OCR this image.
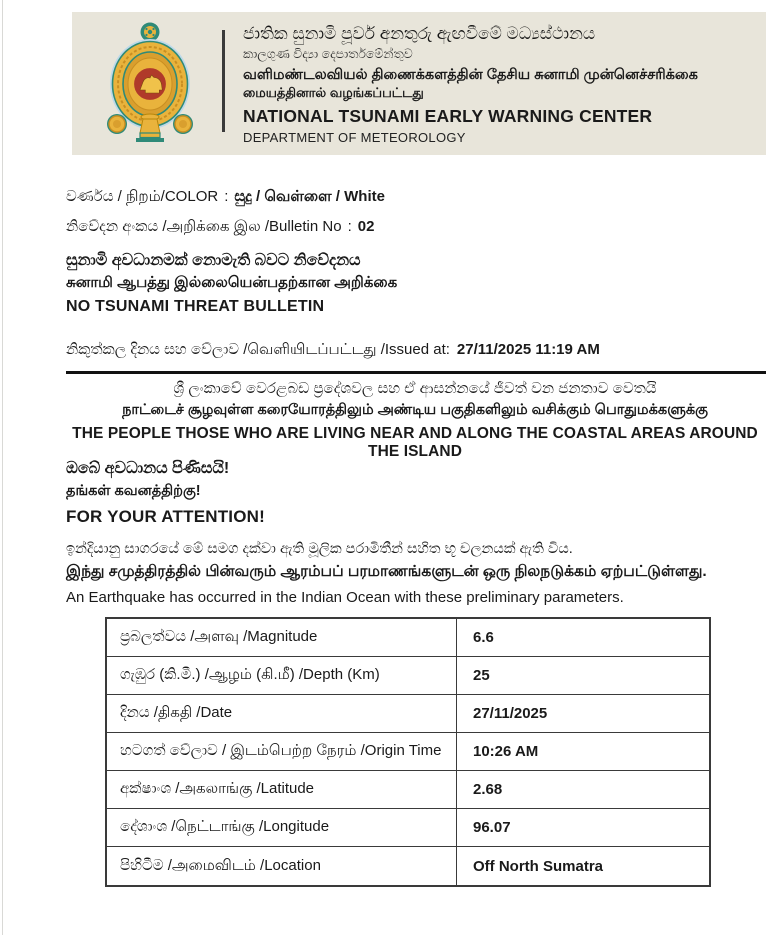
ජාතික සුනාමි පූර්ව අනතුරු ඇඟවීමේ මධ්‍යස්ථානය
කාලගුණ විද්‍යා දෙපාර්තමේන්තුව
வளிமண்டலவியல் திணைக்களத்தின் தேசிய சுனாமி முன்னெச்சரிக்கை
மையத்தினால் வழங்கப்பட்டது
NATIONAL TSUNAMI EARLY WARNING CENTER
DEPARTMENT OF METEOROLOGY
වර්ණය / நிறம்/COLOR : සුදු / வெள்ளை / White
නිවේදන අංකය /அறிக்கை இல /Bulletin No : 02
සුනාමි අවධානමක් නොමැති බවට නිවේදනය
சுனாமி ஆபத்து இல்லையென்பதற்கான அறிக்கை
NO TSUNAMI THREAT BULLETIN
නිකුත්කල දිනය සහ වේලාව /வெளியிடப்பட்டது /Issued at: 27/11/2025 11:19 AM
ශ්‍රී ලංකාවේ වෙරළබඩ ප්‍රදේශවල සහ ඒ ආසන්නයේ ජීවත් වන ජනතාව වෙතයි
நாட்டைச் சூழவுள்ள கரையோரத்திலும் அண்டிய பகுதிகளிலும் வசிக்கும் பொதுமக்களுக்கு
THE PEOPLE THOSE WHO ARE LIVING NEAR AND ALONG THE COASTAL AREAS AROUND THE ISLAND
ඔබේ අවධානය පිණිසයි!
தங்கள் கவனத்திற்கு!
FOR YOUR ATTENTION!
ඉන්දියානු සාගරයේ මේ සමග දක්වා ඇති මූලික පරාමිතීන් සහිත භූ චලනයක් ඇති විය.
இந்து சமுத்திரத்தில் பின்வரும் ஆரம்பப் பரமாணங்களுடன் ஒரு நிலநடுக்கம் ஏற்பட்டுள்ளது.
An Earthquake has occurred in the Indian Ocean with these preliminary parameters.
ප්‍රබලත්වය /அளவு /Magnitude	6.6
ගැඹුර (කි.මී.) /ஆழம் (கி.மீ) /Depth (Km)	25
දිනය /திகதி /Date	27/11/2025
හටගත් වේලාව / இடம்பெற்ற நேரம் /Origin Time	10:26 AM
අක්ෂාංශ /அகலாங்கு /Latitude	2.68
දේශාංශ /நெட்டாங்கு /Longitude	96.07
පිහිටීම /அமைவிடம் /Location	Off North Sumatra
